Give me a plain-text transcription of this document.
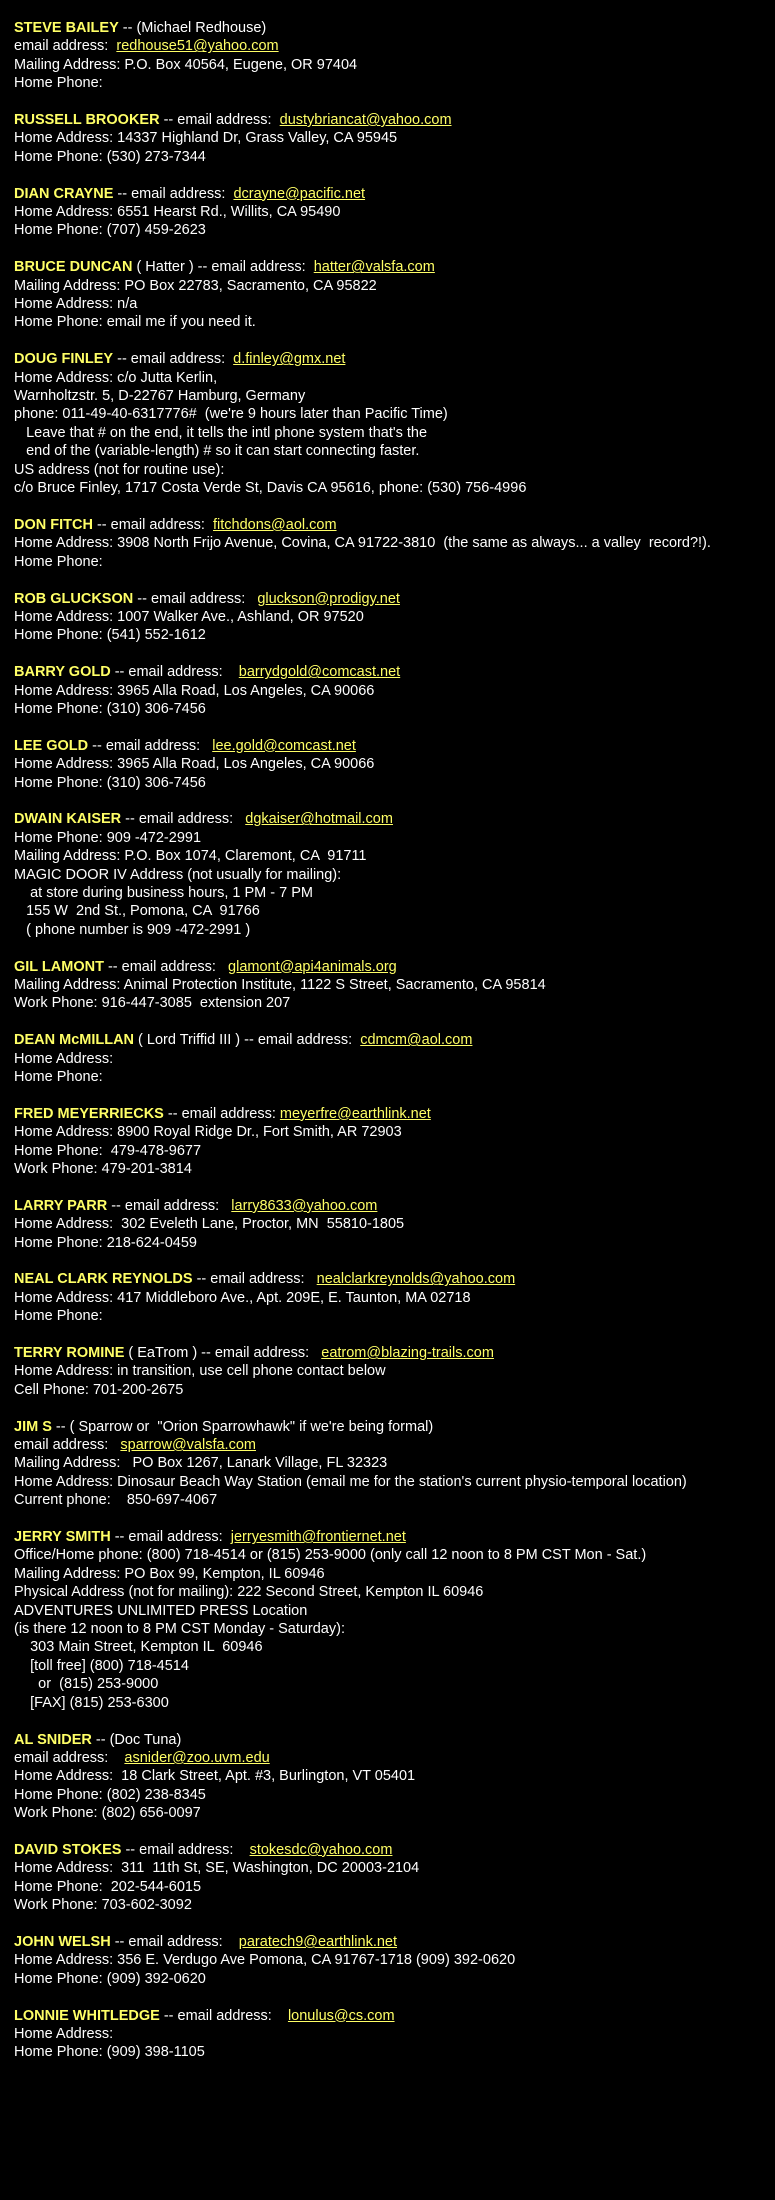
STEVE BAILEY -- (Michael Redhouse)
email address:  redhouse51@yahoo.com
Mailing Address: P.O. Box 40564, Eugene, OR 97404
Home Phone:
RUSSELL BROOKER -- email address:  dustybriancat@yahoo.com
Home Address: 14337 Highland Dr, Grass Valley, CA 95945
Home Phone: (530) 273-7344
DIAN CRAYNE -- email address:  dcrayne@pacific.net
Home Address: 6551 Hearst Rd., Willits, CA 95490
Home Phone: (707) 459-2623
BRUCE DUNCAN ( Hatter ) -- email address:  hatter@valsfa.com
Mailing Address: PO Box 22783, Sacramento, CA 95822
Home Address: n/a
Home Phone: email me if you need it.
DOUG FINLEY -- email address:  d.finley@gmx.net
Home Address: c/o Jutta Kerlin,
Warnholtzstr. 5, D-22767 Hamburg, Germany
phone: 011-49-40-6317776#  (we're 9 hours later than Pacific Time)
Leave that # on the end, it tells the intl phone system that's the
end of the (variable-length) # so it can start connecting faster.
US address (not for routine use):
c/o Bruce Finley, 1717 Costa Verde St, Davis CA 95616, phone: (530) 756-4996
DON FITCH -- email address:  fitchdons@aol.com
Home Address: 3908 North Frijo Avenue, Covina, CA 91722-3810  (the same as always... a valley  record?!).
Home Phone:
ROB GLUCKSON -- email address:   gluckson@prodigy.net
Home Address: 1007 Walker Ave., Ashland, OR 97520
Home Phone: (541) 552-1612
BARRY GOLD -- email address:    barrydgold@comcast.net
Home Address: 3965 Alla Road, Los Angeles, CA 90066
Home Phone: (310) 306-7456
LEE GOLD -- email address:   lee.gold@comcast.net
Home Address: 3965 Alla Road, Los Angeles, CA 90066
Home Phone: (310) 306-7456
DWAIN KAISER -- email address:   dgkaiser@hotmail.com
Home Phone: 909 -472-2991
Mailing Address: P.O. Box 1074, Claremont, CA  91711
MAGIC DOOR IV Address (not usually for mailing):
at store during business hours, 1 PM - 7 PM
155 W  2nd St., Pomona, CA  91766
( phone number is 909 -472-2991 )
GIL LAMONT -- email address:   glamont@api4animals.org
Mailing Address: Animal Protection Institute, 1122 S Street, Sacramento, CA 95814
Work Phone: 916-447-3085  extension 207
DEAN McMILLAN ( Lord Triffid III ) -- email address:  cdmcm@aol.com
Home Address:
Home Phone:
FRED MEYERRIECKS -- email address: meyerfre@earthlink.net
Home Address: 8900 Royal Ridge Dr., Fort Smith, AR 72903
Home Phone:  479-478-9677
Work Phone: 479-201-3814
LARRY PARR -- email address:   larry8633@yahoo.com
Home Address:  302 Eveleth Lane, Proctor, MN  55810-1805
Home Phone: 218-624-0459
NEAL CLARK REYNOLDS -- email address:   nealclarkreynolds@yahoo.com
Home Address: 417 Middleboro Ave., Apt. 209E, E. Taunton, MA 02718
Home Phone:
TERRY ROMINE ( EaTrom ) -- email address:   eatrom@blazing-trails.com
Home Address: in transition, use cell phone contact below
Cell Phone: 701-200-2675
JIM S -- ( Sparrow or  "Orion Sparrowhawk" if we're being formal)
email address:   sparrow@valsfa.com
Mailing Address:   PO Box 1267, Lanark Village, FL 32323
Home Address: Dinosaur Beach Way Station (email me for the station's current physio-temporal location)
Current phone:    850-697-4067
JERRY SMITH -- email address:  jerryesmith@frontiernet.net
Office/Home phone: (800) 718-4514 or (815) 253-9000 (only call 12 noon to 8 PM CST Mon - Sat.)
Mailing Address: PO Box 99, Kempton, IL 60946
Physical Address (not for mailing): 222 Second Street, Kempton IL 60946
ADVENTURES UNLIMITED PRESS Location
(is there 12 noon to 8 PM CST Monday - Saturday):
303 Main Street, Kempton IL  60946
[toll free] (800) 718-4514
or  (815) 253-9000
[FAX] (815) 253-6300
AL SNIDER -- (Doc Tuna)
email address:    asnider@zoo.uvm.edu
Home Address:  18 Clark Street, Apt. #3, Burlington, VT 05401
Home Phone: (802) 238-8345
Work Phone: (802) 656-0097
DAVID STOKES -- email address:    stokesdc@yahoo.com
Home Address:  311  11th St, SE, Washington, DC 20003-2104
Home Phone:  202-544-6015
Work Phone: 703-602-3092
JOHN WELSH -- email address:    paratech9@earthlink.net
Home Address: 356 E. Verdugo Ave Pomona, CA 91767-1718 (909) 392-0620
Home Phone: (909) 392-0620
LONNIE WHITLEDGE -- email address:    lonulus@cs.com
Home Address:
Home Phone: (909) 398-1105
